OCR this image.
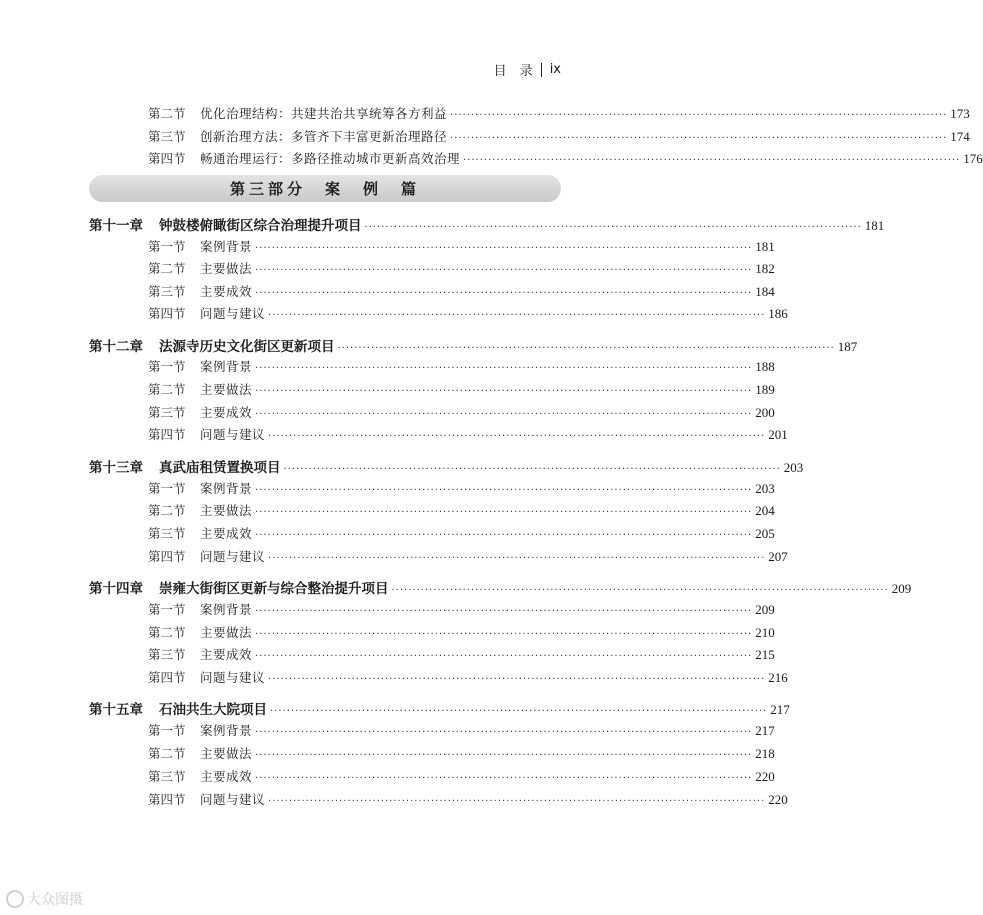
目　录 ix
第二节	优化治理结构：共建共治共享统筹各方利益 ······················································································································· 173
第三节	创新治理方法：多管齐下丰富更新治理路径 ······················································································································· 174
第四节	畅通治理运行：多路径推动城市更新高效治理 ······················································································································· 176
第三部分　案　例　篇
第十一章	钟鼓楼俯瞰街区综合治理提升项目 ······················································································································· 181
第一节	案例背景 ······················································································································· 181
第二节	主要做法 ······················································································································· 182
第三节	主要成效 ······················································································································· 184
第四节	问题与建议 ······················································································································· 186
第十二章	法源寺历史文化街区更新项目 ······················································································································· 187
第一节	案例背景 ······················································································································· 188
第二节	主要做法 ······················································································································· 189
第三节	主要成效 ······················································································································· 200
第四节	问题与建议 ······················································································································· 201
第十三章	真武庙租赁置换项目 ······················································································································· 203
第一节	案例背景 ······················································································································· 203
第二节	主要做法 ······················································································································· 204
第三节	主要成效 ······················································································································· 205
第四节	问题与建议 ······················································································································· 207
第十四章	崇雍大街街区更新与综合整治提升项目 ······················································································································· 209
第一节	案例背景 ······················································································································· 209
第二节	主要做法 ······················································································································· 210
第三节	主要成效 ······················································································································· 215
第四节	问题与建议 ······················································································································· 216
第十五章	石油共生大院项目 ······················································································································· 217
第一节	案例背景 ······················································································································· 217
第二节	主要做法 ······················································································································· 218
第三节	主要成效 ······················································································································· 220
第四节	问题与建议 ······················································································································· 220
大众图摄
